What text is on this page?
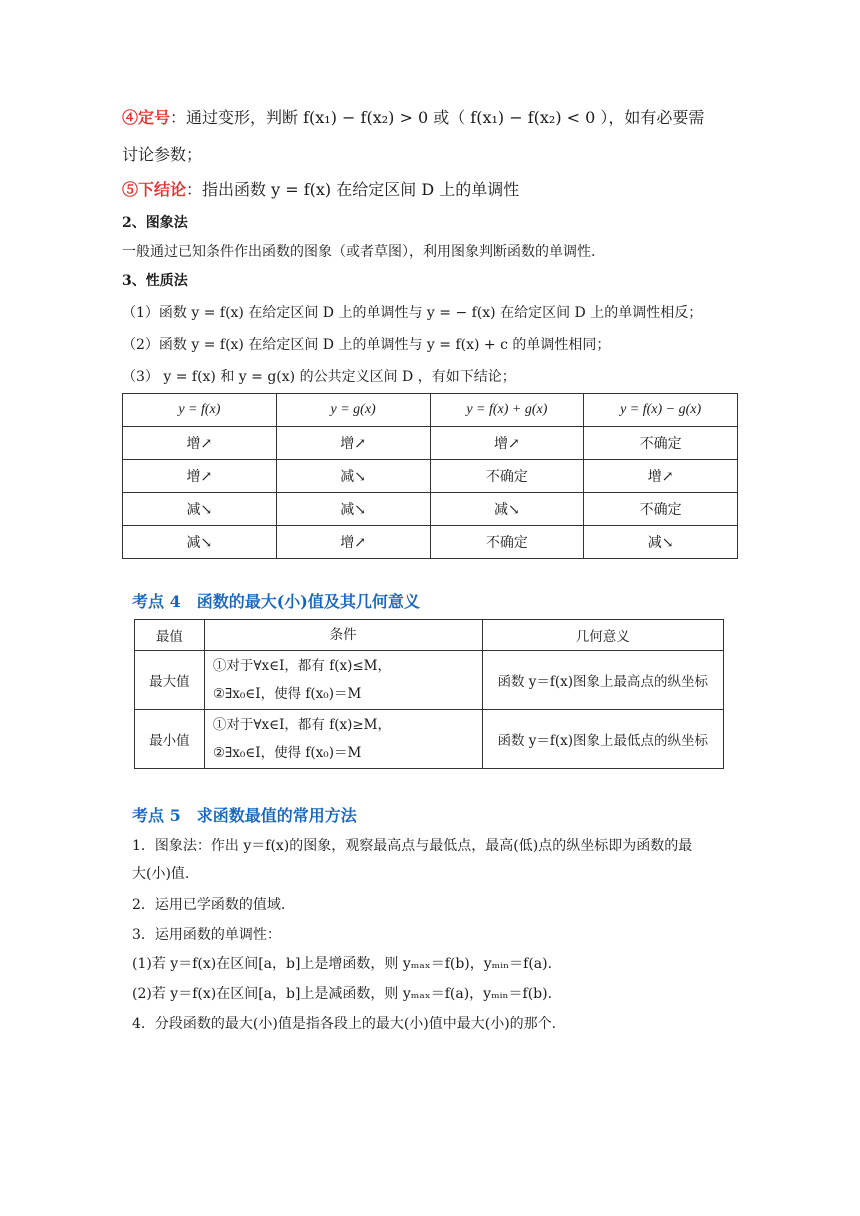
④定号：通过变形，判断 f(x₁) − f(x₂) > 0 或（ f(x₁) − f(x₂) < 0 ），如有必要需
讨论参数；
⑤下结论：指出函数 y = f(x) 在给定区间 D 上的单调性
2、图象法
一般通过已知条件作出函数的图象（或者草图），利用图象判断函数的单调性.
3、性质法
（1）函数 y = f(x) 在给定区间 D 上的单调性与 y = − f(x) 在给定区间 D 上的单调性相反；
（2）函数 y = f(x) 在给定区间 D 上的单调性与 y = f(x) + c 的单调性相同；
（3） y = f(x) 和 y = g(x) 的公共定义区间 D ，有如下结论；
y = f(x)	y = g(x)	y = f(x) + g(x)	y = f(x) − g(x)
增↗	增↗	增↗	不确定
增↗	减↘	不确定	增↗
减↘	减↘	减↘	不确定
减↘	增↗	不确定	减↘
考点 4　函数的最大(小)值及其几何意义
最值	条件	几何意义
最大值	①对于∀x∈I，都有 f(x)≤M，
②∃x₀∈I，使得 f(x₀)＝M	函数 y＝f(x)图象上最高点的纵坐标
最小值	①对于∀x∈I，都有 f(x)≥M，
②∃x₀∈I，使得 f(x₀)＝M	函数 y＝f(x)图象上最低点的纵坐标
考点 5　求函数最值的常用方法
1．图象法：作出 y＝f(x)的图象，观察最高点与最低点，最高(低)点的纵坐标即为函数的最
大(小)值.
2．运用已学函数的值域.
3．运用函数的单调性：
(1)若 y＝f(x)在区间[a，b]上是增函数，则 yₘₐₓ＝f(b)，yₘᵢₙ＝f(a).
(2)若 y＝f(x)在区间[a，b]上是减函数，则 yₘₐₓ＝f(a)，yₘᵢₙ＝f(b).
4．分段函数的最大(小)值是指各段上的最大(小)值中最大(小)的那个.
